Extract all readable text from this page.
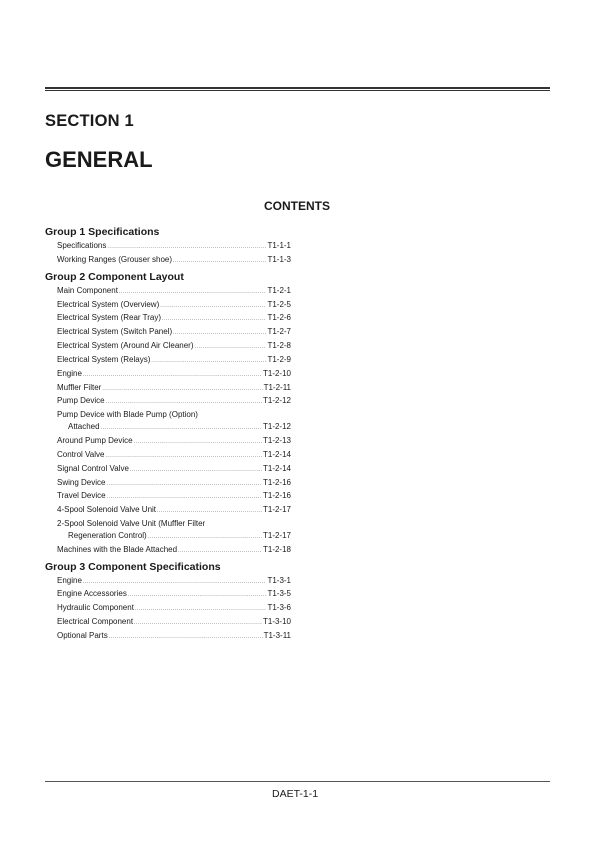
SECTION 1
GENERAL
CONTENTS
Group 1 Specifications
Specifications .....	T1-1-1
Working Ranges (Grouser shoe) .....	T1-1-3
Group 2 Component Layout
Main Component .....	T1-2-1
Electrical System (Overview) .....	T1-2-5
Electrical System (Rear Tray) .....	T1-2-6
Electrical System (Switch Panel) .....	T1-2-7
Electrical System (Around Air Cleaner) .....	T1-2-8
Electrical System (Relays) .....	T1-2-9
Engine .....	T1-2-10
Muffler Filter .....	T1-2-11
Pump Device .....	T1-2-12
Pump Device with Blade Pump (Option)
Attached .....	T1-2-12
Around Pump Device .....	T1-2-13
Control Valve .....	T1-2-14
Signal Control Valve .....	T1-2-14
Swing Device .....	T1-2-16
Travel Device .....	T1-2-16
4-Spool Solenoid Valve Unit .....	T1-2-17
2-Spool Solenoid Valve Unit (Muffler Filter
Regeneration Control) .....	T1-2-17
Machines with the Blade Attached .....	T1-2-18
Group 3 Component Specifications
Engine .....	T1-3-1
Engine Accessories .....	T1-3-5
Hydraulic Component .....	T1-3-6
Electrical Component .....	T1-3-10
Optional Parts .....	T1-3-11

DAET-1-1
